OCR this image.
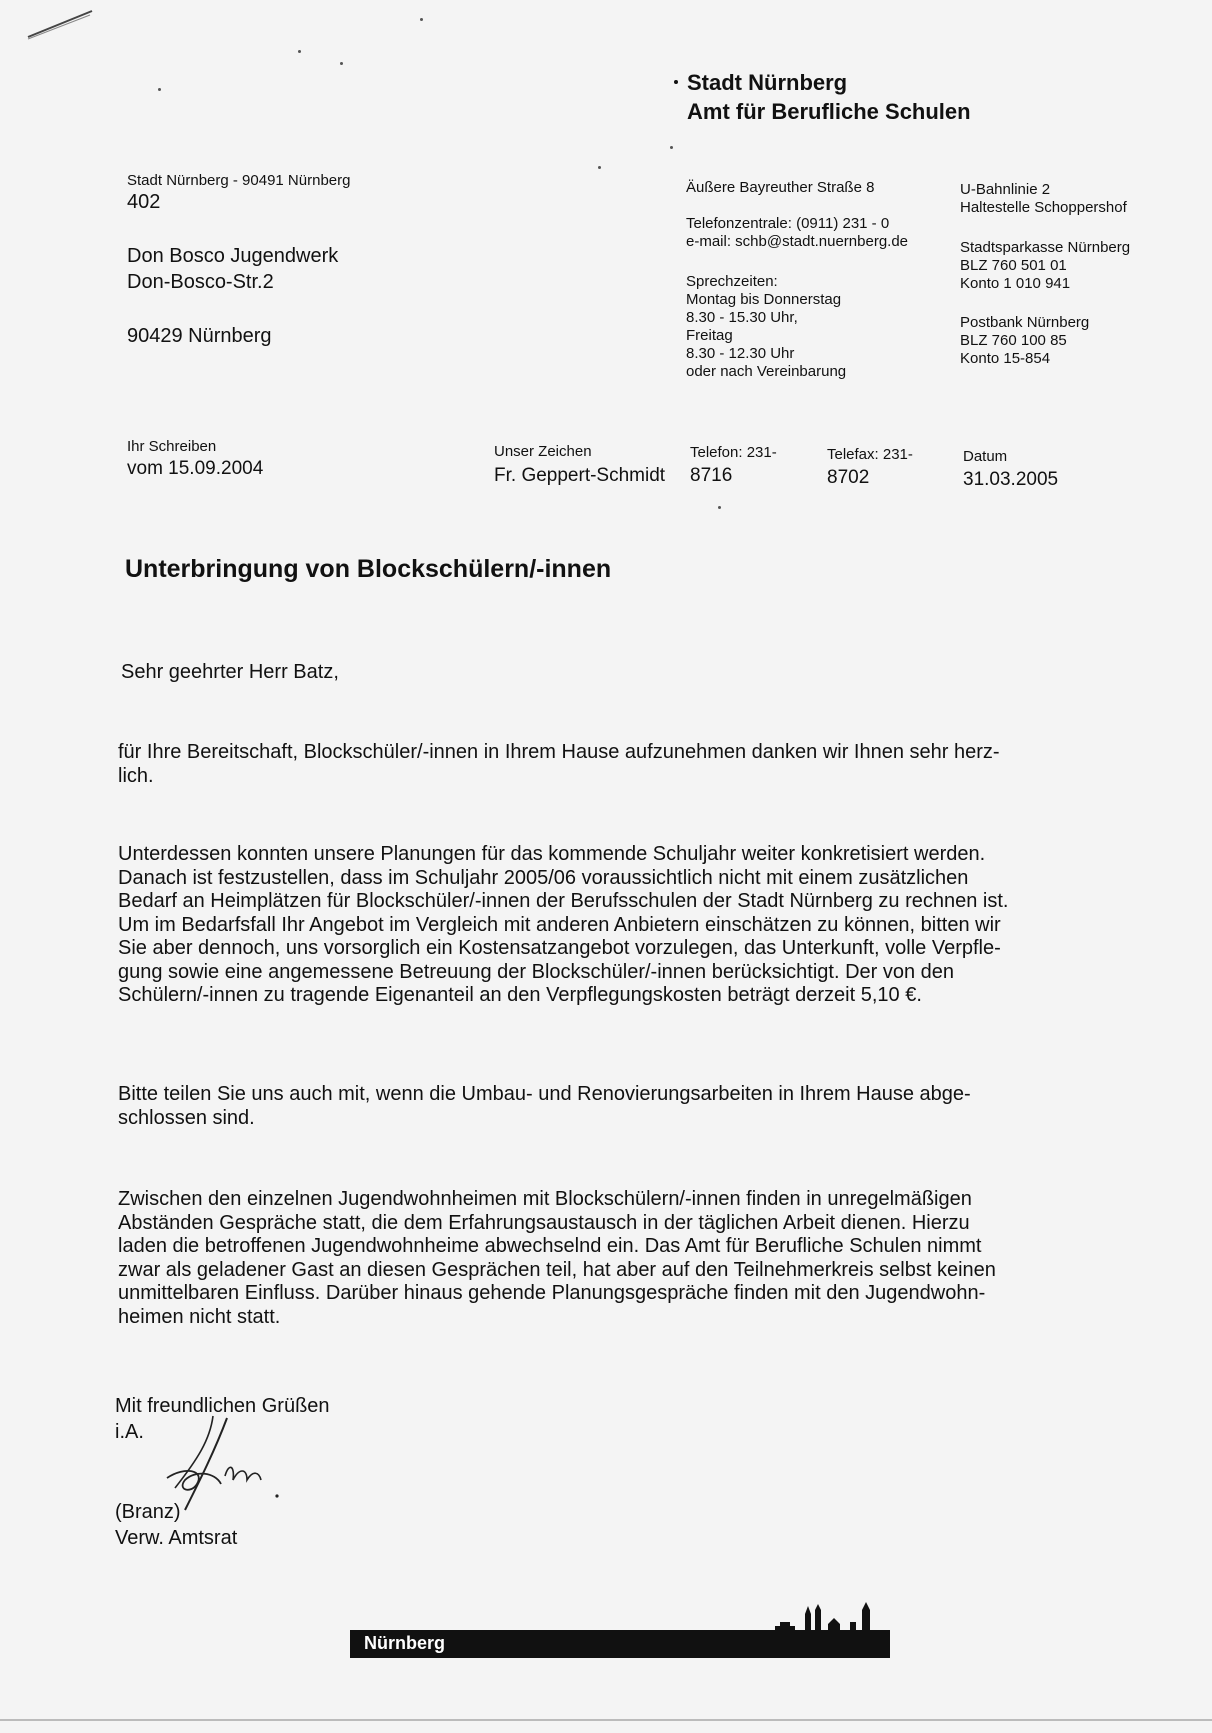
Stadt Nürnberg
Amt für Berufliche Schulen
Stadt Nürnberg - 90491 Nürnberg
402
Don Bosco Jugendwerk
Don-Bosco-Str.2
90429 Nürnberg
Äußere Bayreuther Straße 8
Telefonzentrale: (0911) 231 - 0
e-mail: schb@stadt.nuernberg.de
Sprechzeiten:
Montag bis Donnerstag
8.30 - 15.30 Uhr,
Freitag
8.30 - 12.30 Uhr
oder nach Vereinbarung
U-Bahnlinie 2
Haltestelle Schoppershof
Stadtsparkasse Nürnberg
BLZ 760 501 01
Konto 1 010 941
Postbank Nürnberg
BLZ 760 100 85
Konto 15-854
Ihr Schreiben
vom 15.09.2004
Unser Zeichen
Fr. Geppert-Schmidt
Telefon: 231-
8716
Telefax: 231-
8702
Datum
31.03.2005
Unterbringung von Blockschülern/-innen
Sehr geehrter Herr Batz,
für Ihre Bereitschaft, Blockschüler/-innen in Ihrem Hause aufzunehmen danken wir Ihnen sehr herz-
lich.
Unterdessen konnten unsere Planungen für das kommende Schuljahr weiter konkretisiert werden.
Danach ist festzustellen, dass im Schuljahr 2005/06 voraussichtlich nicht mit einem zusätzlichen
Bedarf an Heimplätzen für Blockschüler/-innen der Berufsschulen der Stadt Nürnberg zu rechnen ist.
Um im Bedarfsfall Ihr Angebot im Vergleich mit anderen Anbietern einschätzen zu können, bitten wir
Sie aber dennoch, uns vorsorglich ein Kostensatzangebot vorzulegen, das Unterkunft, volle Verpfle-
gung sowie eine angemessene Betreuung der Blockschüler/-innen berücksichtigt. Der von den
Schülern/-innen zu tragende Eigenanteil an den Verpflegungskosten beträgt derzeit 5,10 €.
Bitte teilen Sie uns auch mit, wenn die Umbau- und Renovierungsarbeiten in Ihrem Hause abge-
schlossen sind.
Zwischen den einzelnen Jugendwohnheimen mit Blockschülern/-innen finden in unregelmäßigen
Abständen Gespräche statt, die dem Erfahrungsaustausch in der täglichen Arbeit dienen. Hierzu
laden die betroffenen Jugendwohnheime abwechselnd ein. Das Amt für Berufliche Schulen nimmt
zwar als geladener Gast an diesen Gesprächen teil, hat aber auf den Teilnehmerkreis selbst keinen
unmittelbaren Einfluss. Darüber hinaus gehende Planungsgespräche finden mit den Jugendwohn-
heimen nicht statt.
Mit freundlichen Grüßen
i.A.
(Branz)
Verw. Amtsrat
Nürnberg
